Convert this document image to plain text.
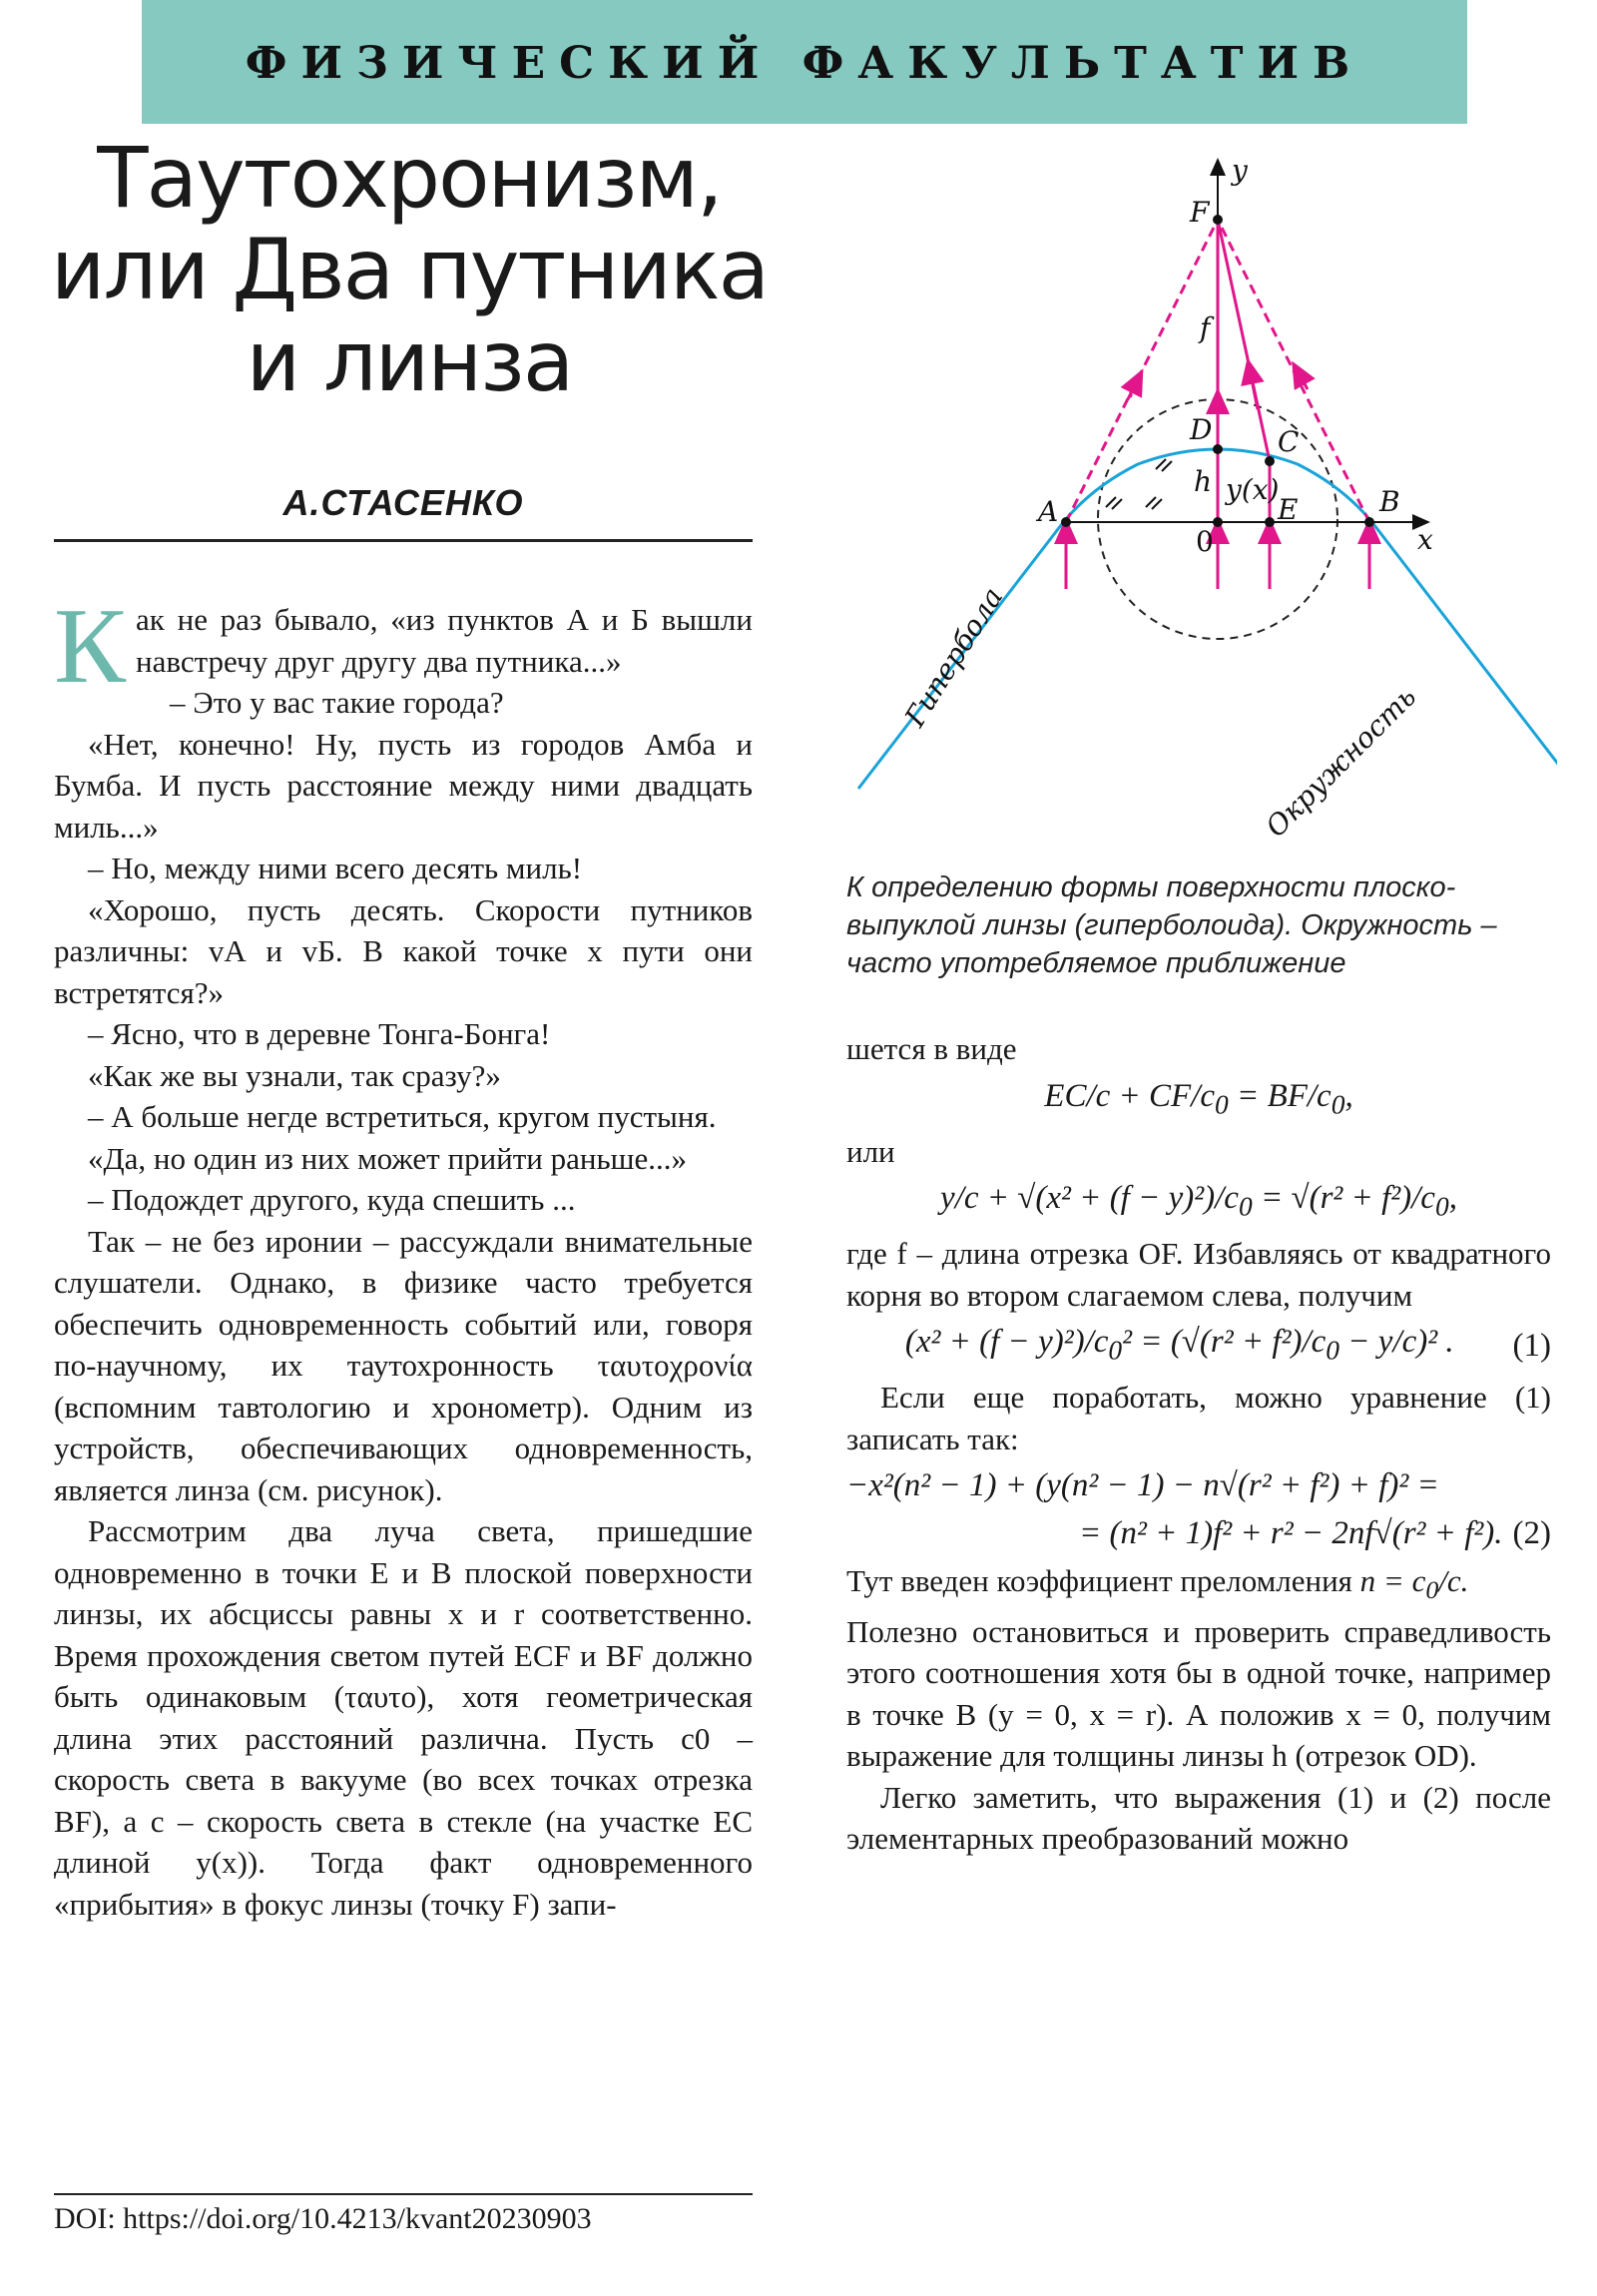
ФИЗИЧЕСКИЙ ФАКУЛЬТАТИВ
Таутохронизм,
или Два путника
и линза
А.СТАСЕНКО

Как не раз бывало, «из пунктов А и Б вышли навстречу друг другу два путника...»

– Это у вас такие города?

«Нет, конечно! Ну, пусть из городов Амба и Бумба. И пусть расстояние между ними двадцать миль...»

– Но, между ними всего десять миль!

«Хорошо, пусть десять. Скорости путников различны: vА и vБ. В какой точке x пути они встретятся?»

– Ясно, что в деревне Тонга-Бонга!

«Как же вы узнали, так сразу?»

– А больше негде встретиться, кругом пустыня.

«Да, но один из них может прийти раньше...»

– Подождет другого, куда спешить ...

Так – не без иронии – рассуждали внимательные слушатели. Однако, в физике часто требуется обеспечить одновременность событий или, говоря по-научному, их таутохронность ταυτοχρονία (вспомним тавтологию и хронометр). Одним из устройств, обеспечивающих одновременность, является линза (см. рисунок).

Рассмотрим два луча света, пришедшие одновременно в точки E и B плоской поверхности линзы, их абсциссы равны x и r соответственно. Время прохождения светом путей ECF и BF должно быть одинаковым (ταυτο), хотя геометрическая длина этих расстояний различна. Пусть c0 – скорость света в вакууме (во всех точках отрезка BF), а c – скорость света в стекле (на участке EC длиной y(x)). Тогда факт одновременного «прибытия» в фокус линзы (точку F) запи-

DOI: https://doi.org/10.4213/kvant20230903
F
y
f
D C
h y(x)
A	E	B
0	x
Гипербола
Окружность
К определению формы поверхности плоско-выпуклой линзы (гиперболоида). Окружность – часто употребляемое приближение

шется в виде

$EC/c + CF/c_0 = BF/c_0$,

или

$y/c + √(x^2 + (f - y)^2)/c_0 = √(r^2 + f^2)/c_0$,

где f – длина отрезка OF. Избавляясь от квадратного корня во втором слагаемом слева, получим

$(x^2 + (f - y)^2)/c_0^2 = (√(r^2 + f^2)/c_0 - y/c)^2$ .	(1)

Если еще поработать, можно уравнение (1) записать так:

−x²(n² − 1) + (y(n² − 1) − n√(r² + f²) + f)² =
= (n² + 1)f² + r² − 2nf√(r² + f²). (2)

Тут введен коэффициент преломления $n = c_0/c$.

Полезно остановиться и проверить справедливость этого соотношения хотя бы в одной точке, например в точке B (y = 0, x = r). А положив x = 0, получим выражение для толщины линзы h (отрезок OD).

Легко заметить, что выражения (1) и (2) после элементарных преобразований можно
